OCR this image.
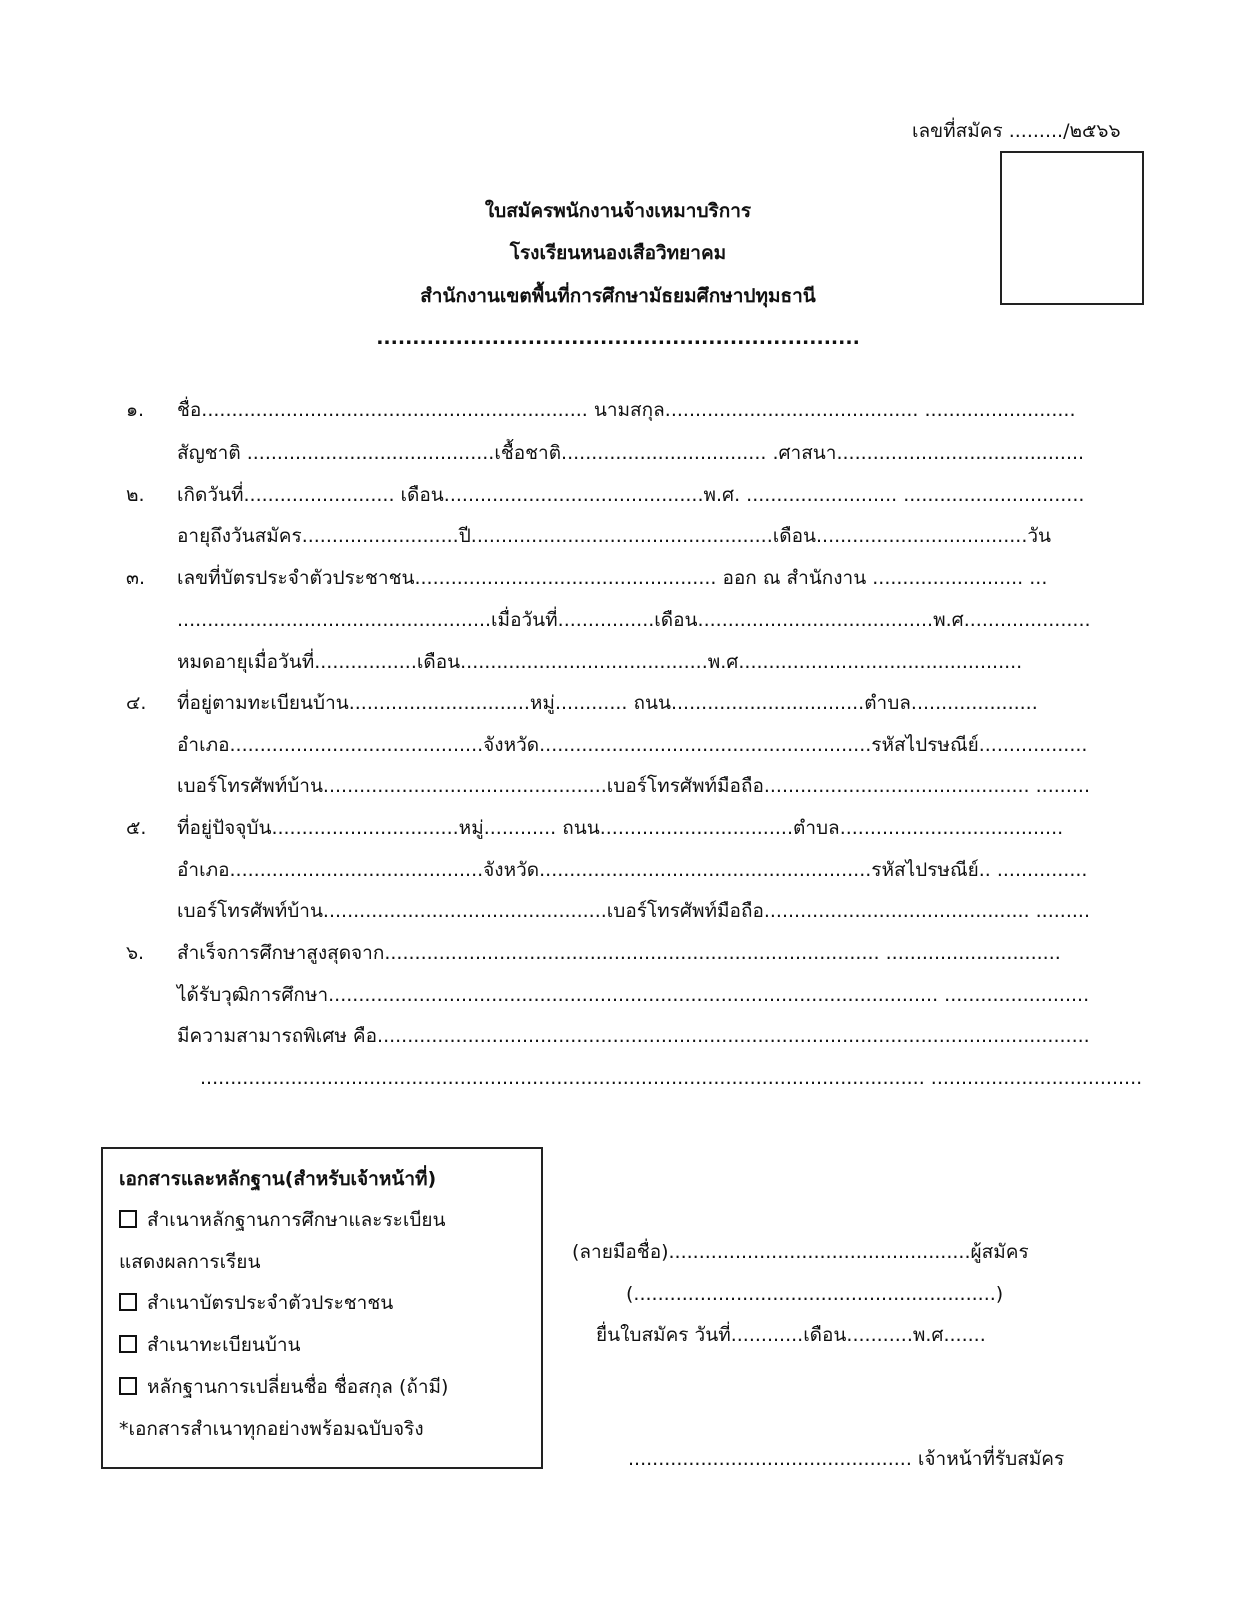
เลขที่สมัคร ........./๒๕๖๖
ใบสมัครพนักงานจ้างเหมาบริการ
โรงเรียนหนองเสือวิทยาคม
สำนักงานเขตพื้นที่การศึกษามัธยมศึกษาปทุมธานี
...................................................................
๑. ชื่อ................................................................ นามสกุล.......................................... .........................
สัญชาติ .........................................เชื้อชาติ.................................. .ศาสนา.........................................
๒. เกิดวันที่......................... เดือน...........................................พ.ศ. ......................... ..............................
อายุถึงวันสมัคร..........................ปี..................................................เดือน...................................วัน
๓. เลขที่บัตรประจำตัวประชาชน.................................................. ออก ณ สำนักงาน ......................... ...
....................................................เมื่อวันที่................เดือน.......................................พ.ศ.....................
หมดอายุเมื่อวันที่.................เดือน.........................................พ.ศ...............................................
๔. ที่อยู่ตามทะเบียนบ้าน..............................หมู่............ ถนน................................ตำบล.....................
อำเภอ..........................................จังหวัด.......................................................รหัสไปรษณีย์..................
เบอร์โทรศัพท์บ้าน...............................................เบอร์โทรศัพท์มือถือ............................................ .........
๕. ที่อยู่ปัจจุบัน...............................หมู่............ ถนน................................ตำบล.....................................
อำเภอ..........................................จังหวัด.......................................................รหัสไปรษณีย์.. ...............
เบอร์โทรศัพท์บ้าน...............................................เบอร์โทรศัพท์มือถือ............................................ .........
๖. สำเร็จการศึกษาสูงสุดจาก.................................................................................. .............................
ได้รับวุฒิการศึกษา..................................................................................................... ........................
มีความสามารถพิเศษ คือ......................................................................................................................
........................................................................................................................ ...................................
เอกสารและหลักฐาน(สำหรับเจ้าหน้าที่)
สำเนาหลักฐานการศึกษาและระเบียน
แสดงผลการเรียน
สำเนาบัตรประจำตัวประชาชน
สำเนาทะเบียนบ้าน
หลักฐานการเปลี่ยนชื่อ ชื่อสกุล (ถ้ามี)
*เอกสารสำเนาทุกอย่างพร้อมฉบับจริง
(ลายมือชื่อ)..................................................ผู้สมัคร
(............................................................)
ยื่นใบสมัคร วันที่............เดือน...........พ.ศ.......
............................................... เจ้าหน้าที่รับสมัคร
